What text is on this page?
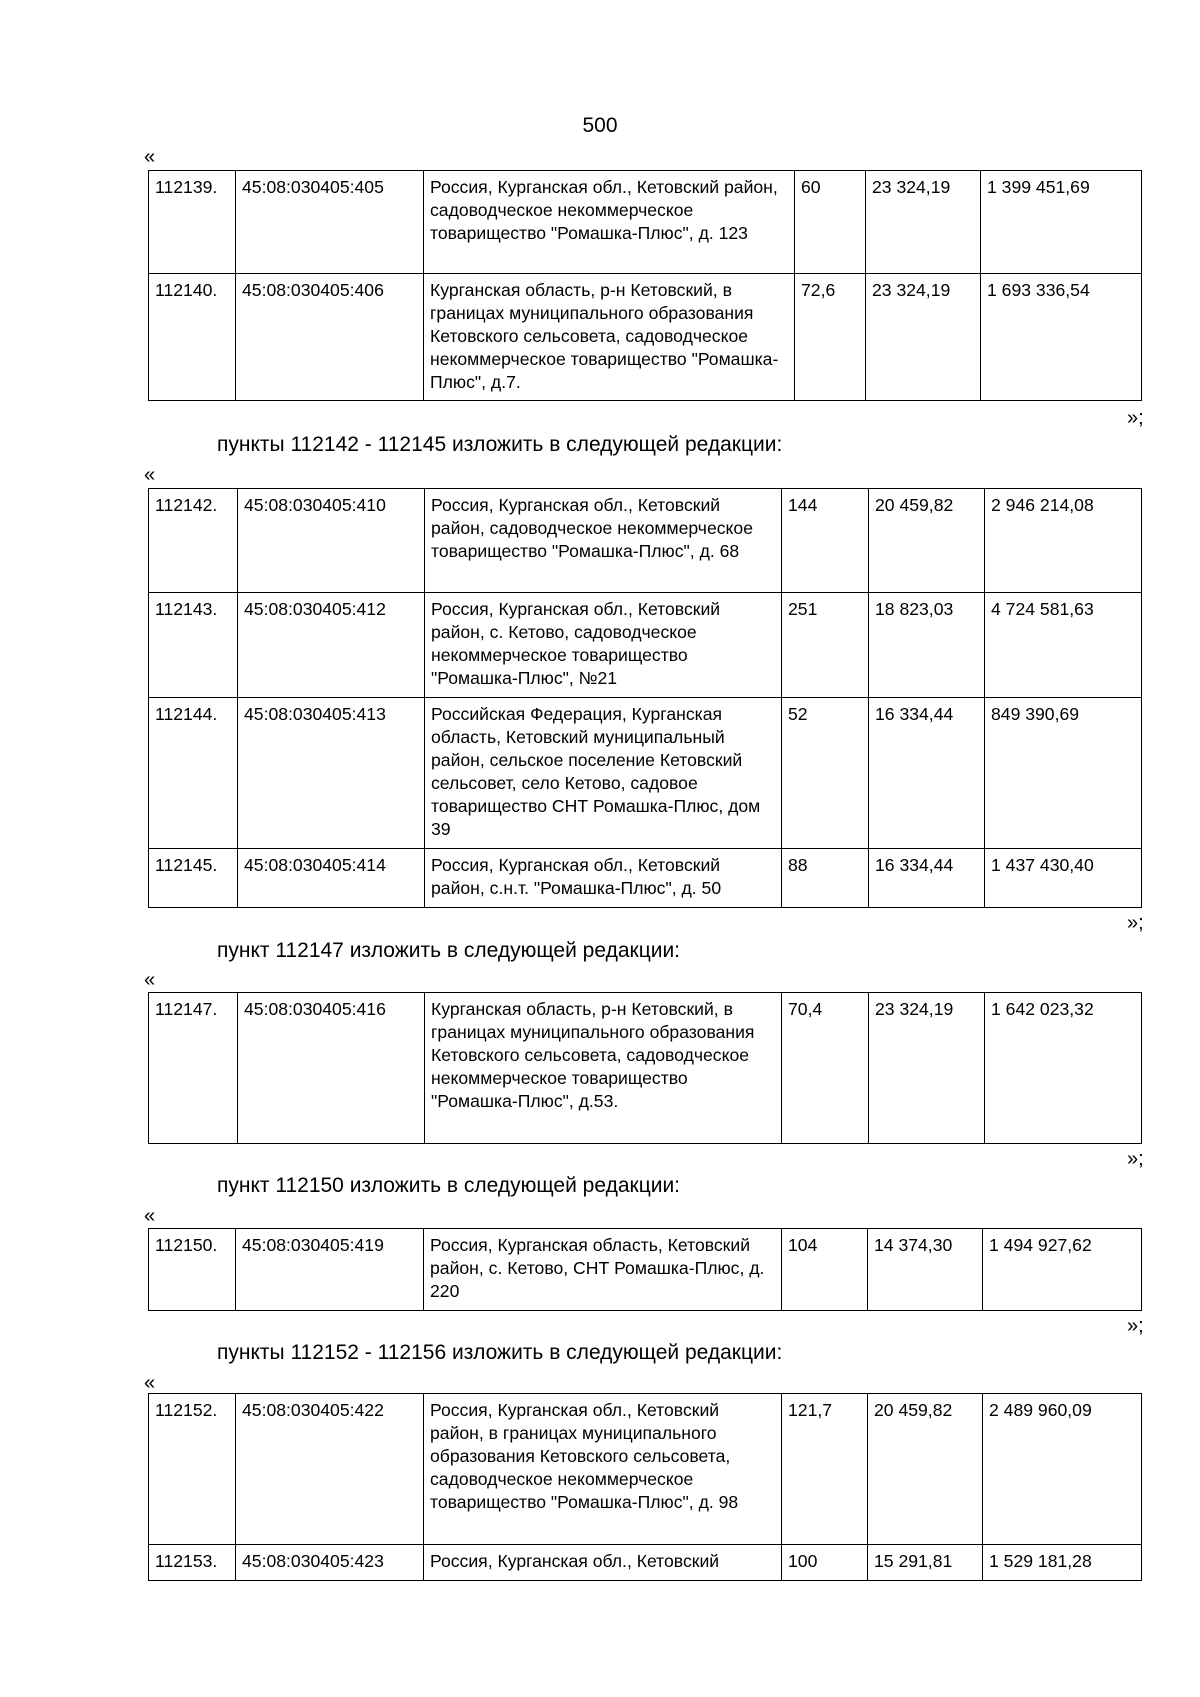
500
«
112139.	45:08:030405:405	Россия, Курганская обл., Кетовский район, садоводческое некоммерческое товарищество "Ромашка-Плюс", д. 123	60	23 324,19	1 399 451,69
112140.	45:08:030405:406	Курганская область, р-н Кетовский, в границах муниципального образования Кетовского сельсовета, садоводческое некоммерческое товарищество "Ромашка-Плюс", д.7.	72,6	23 324,19	1 693 336,54
»;
пункты 112142 - 112145 изложить в следующей редакции:
«
112142.	45:08:030405:410	Россия, Курганская обл., Кетовский район, садоводческое некоммерческое товарищество "Ромашка-Плюс", д. 68	144	20 459,82	2 946 214,08
112143.	45:08:030405:412	Россия, Курганская обл., Кетовский район, с. Кетово, садоводческое некоммерческое товарищество "Ромашка-Плюс", №21	251	18 823,03	4 724 581,63
112144.	45:08:030405:413	Российская Федерация, Курганская область, Кетовский муниципальный район, сельское поселение Кетовский сельсовет, село Кетово, садовое товарищество СНТ Ромашка-Плюс, дом 39	52	16 334,44	849 390,69
112145.	45:08:030405:414	Россия, Курганская обл., Кетовский район, с.н.т. "Ромашка-Плюс", д. 50	88	16 334,44	1 437 430,40
»;
пункт 112147 изложить в следующей редакции:
«
112147.	45:08:030405:416	Курганская область, р-н Кетовский, в границах муниципального образования Кетовского сельсовета, садоводческое некоммерческое товарищество "Ромашка-Плюс", д.53.	70,4	23 324,19	1 642 023,32
»;
пункт 112150 изложить в следующей редакции:
«
112150.	45:08:030405:419	Россия, Курганская область, Кетовский район, с. Кетово, СНТ Ромашка-Плюс, д. 220	104	14 374,30	1 494 927,62
»;
пункты 112152 - 112156 изложить в следующей редакции:
«
112152.	45:08:030405:422	Россия, Курганская обл., Кетовский район, в границах муниципального образования Кетовского сельсовета, садоводческое некоммерческое товарищество "Ромашка-Плюс", д. 98	121,7	20 459,82	2 489 960,09
112153.	45:08:030405:423	Россия, Курганская обл., Кетовский	100	15 291,81	1 529 181,28
